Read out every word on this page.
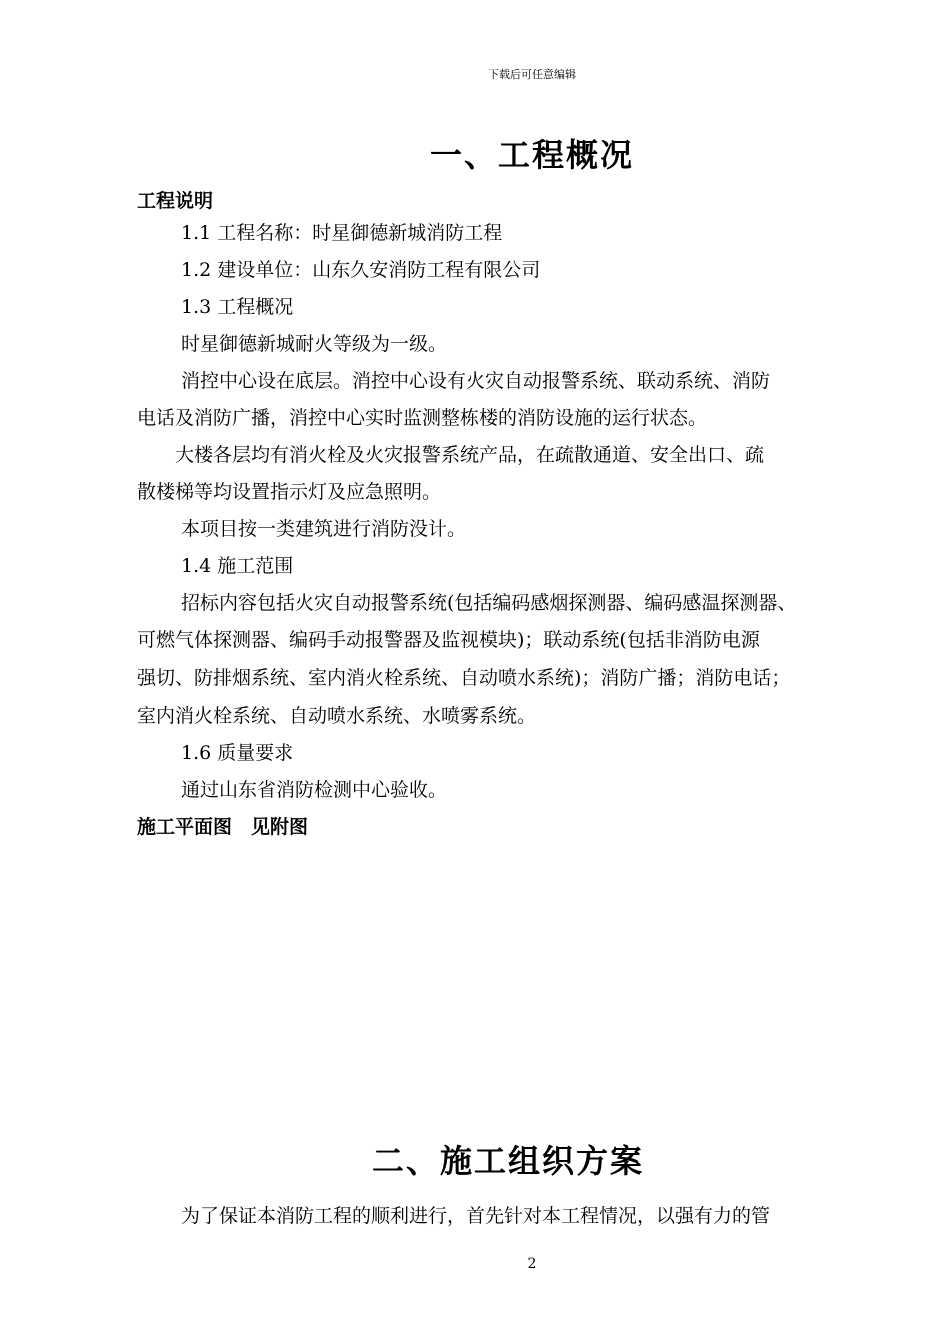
下载后可任意编辑
一、工程概况
工程说明
1.1 工程名称：时星御德新城消防工程
1.2 建设单位：山东久安消防工程有限公司
1.3 工程概况
时星御德新城耐火等级为一级。
消控中心设在底层。消控中心设有火灾自动报警系统、联动系统、消防
电话及消防广播，消控中心实时监测整栋楼的消防设施的运行状态。
大楼各层均有消火栓及火灾报警系统产品，在疏散通道、安全出口、疏
散楼梯等均设置指示灯及应急照明。
本项目按一类建筑进行消防没计。
1.4 施工范围
招标内容包括火灾自动报警系统(包括编码感烟探测器、编码感温探测器、
可燃气体探测器、编码手动报警器及监视模块)；联动系统(包括非消防电源
强切、防排烟系统、室内消火栓系统、自动喷水系统)；消防广播；消防电话；
室内消火栓系统、自动喷水系统、水喷雾系统。
1.6 质量要求
通过山东省消防检测中心验收。
施工平面图　见附图
二、施工组织方案
为了保证本消防工程的顺利进行，首先针对本工程情况，以强有力的管
2
